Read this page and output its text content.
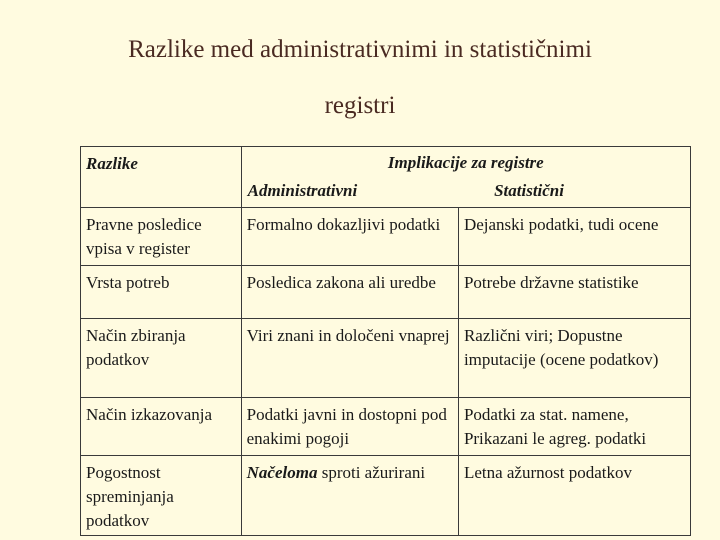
Razlike med administrativnimi in statističnimi
registri
Razlike	Implikacije za registre
Administrativni Statistični	

Pravne posledice vpisa v register	Formalno dokazljivi podatki	Dejanski podatki, tudi ocene
Vrsta potreb	Posledica zakona ali uredbe	Potrebe državne statistike
Način zbiranja podatkov	Viri znani in določeni vnaprej	Različni viri; Dopustne imputacije (ocene podatkov)
Način izkazovanja	Podatki javni in dostopni pod enakimi pogoji	Podatki za stat. namene, Prikazani le agreg. podatki
Pogostnost spreminjanja podatkov	Načeloma sproti ažurirani	Letna ažurnost podatkov
